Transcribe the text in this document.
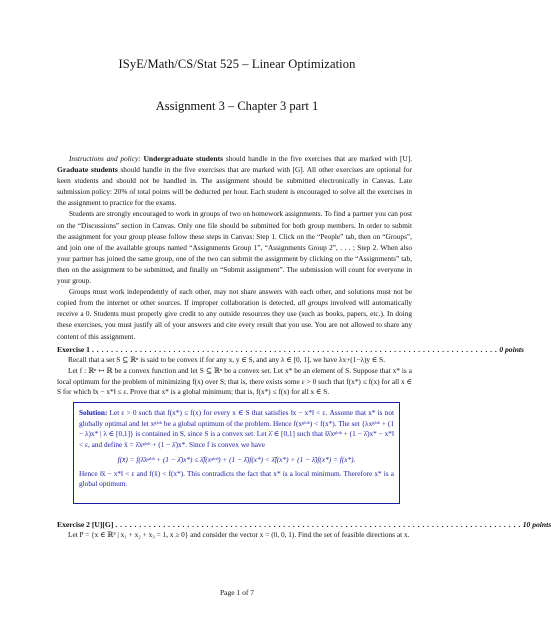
ISyE/Math/CS/Stat 525 – Linear Optimization
Assignment 3 – Chapter 3 part 1

Instructions and policy: Undergraduate students should handle in the five exercises that are marked with [U]. Graduate students should handle in the five exercises that are marked with [G]. All other exercises are optional for keen students and should not be handled in. The assignment should be submitted electronically in Canvas. Late submission policy: 20% of total points will be deducted per hour. Each student is encouraged to solve all the exercises in the assignment to practice for the exams.

Students are strongly encouraged to work in groups of two on homework assignments. To find a partner you can post on the “Discussions” section in Canvas. Only one file should be submitted for both group members. In order to submit the assignment for your group please follow these steps in Canvas: Step 1. Click on the “People” tab, then on “Groups”, and join one of the available groups named “Assignments Group 1”, “Assignments Group 2”, . . . ; Step 2. When also your partner has joined the same group, one of the two can submit the assignment by clicking on the “Assignments” tab, then on the assignment to be submitted, and finally on “Submit assignment”. The submission will count for everyone in your group.

Groups must work independently of each other, may not share answers with each other, and solutions must not be copied from the internet or other sources. If improper collaboration is detected, all groups involved will automatically receive a 0. Students must properly give credit to any outside resources they use (such as books, papers, etc.). In doing these exercises, you must justify all of your answers and cite every result that you use. You are not allowed to share any content of this assignment.

Exercise 1 . . . . . . . . . . . . . . . . . . . . . . . . . . . . . . . . . . . . . . . . . . . . . . . . . . . . . . . . . . . . . . . . . . . . . . . . . . . . . . . . . . . . . 0 points

Recall that a set S ⊆ ℝⁿ is said to be convex if for any x, y ∈ S, and any λ ∈ [0, 1], we have λx+(1−λ)y ∈ S.

Let f : ℝⁿ ↦ ℝ be a convex function and let S ⊆ ℝⁿ be a convex set. Let x* be an element of S. Suppose that x* is a local optimum for the problem of minimizing f(x) over S; that is, there exists some ε > 0 such that f(x*) ≤ f(x) for all x ∈ S for which ‖x − x*‖ ≤ ε. Prove that x* is a global minimum; that is, f(x*) ≤ f(x) for all x ∈ S.

Solution: Let ε > 0 such that f(x*) ≤ f(x) for every x ∈ S that satisfies ‖x − x*‖ < ε. Assume that x* is not globally optimal and let xᵍˡᵒᵇ be a global optimum of the problem. Hence f(xᵍˡᵒᵇ) < f(x*). The set {λxᵍˡᵒᵇ + (1 − λ)x* | λ ∈ [0,1]} is contained in S, since S is a convex set. Let λ̄ ∈ [0,1] such that ‖λ̄xᵍˡᵒᵇ + (1 − λ̄)x* − x*‖ < ε, and define x̄ = λ̄xᵍˡᵒᵇ + (1 − λ̄)x*. Since f is convex we have

f(x̄) = f(λ̄xᵍˡᵒᵇ + (1 − λ̄)x*) ≤ λ̄f(xᵍˡᵒᵇ) + (1 − λ̄)f(x*) < λ̄f(x*) + (1 − λ̄)f(x*) = f(x*).

Hence ‖x̄ − x*‖ < ε and f(x̄) < f(x*). This contradicts the fact that x* is a local minimum. Therefore x* is a global optimum.

Exercise 2 [U][G] . . . . . . . . . . . . . . . . . . . . . . . . . . . . . . . . . . . . . . . . . . . . . . . . . . . . . . . . . . . . . . . . . . . . . . . . . . . . . . . . . . . . . 10 points

Let P = {x ∈ ℝ³ | x₁ + x₂ + x₃ = 1, x ≥ 0} and consider the vector x = (0, 0, 1). Find the set of feasible directions at x.

Page 1 of 7
